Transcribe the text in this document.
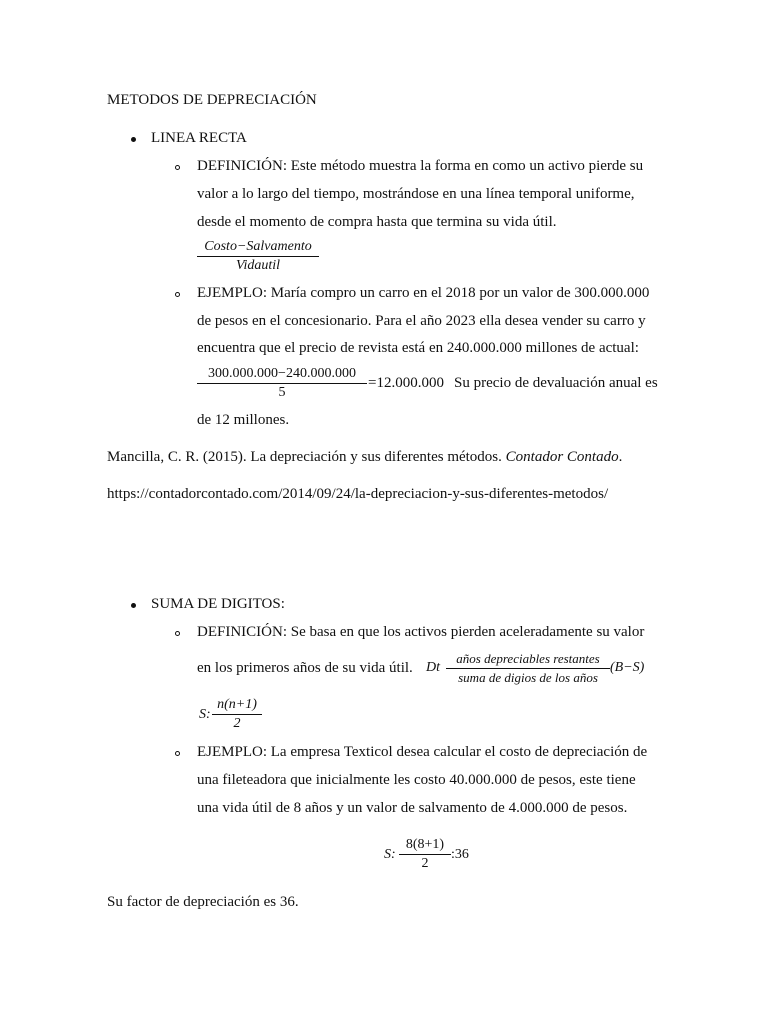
METODOS DE DEPRECIACIÓN
LINEA RECTA
DEFINICIÓN: Este método muestra la forma en como un activo pierde su
valor a lo largo del tiempo, mostrándose en una línea temporal uniforme,
desde el momento de compra hasta que termina su vida útil.
Costo−Salvamento
Vidautil
EJEMPLO: María compro un carro en el 2018 por un valor de 300.000.000
de pesos en el concesionario. Para el año 2023 ella desea vender su carro y
encuentra que el precio de revista está en 240.000.000 millones de actual:
300.000.000−240.000.000
5
=12.000.000 Su precio de devaluación anual es
de 12 millones.
Mancilla, C. R. (2015). La depreciación y sus diferentes métodos. Contador Contado.
https://contadorcontado.com/2014/09/24/la-depreciacion-y-sus-diferentes-metodos/
SUMA DE DIGITOS:
DEFINICIÓN: Se basa en que los activos pierden aceleradamente su valor
en los primeros años de su vida útil. Dt
años depreciables restantes
suma de digios de los años
(B−S)
S:
n(n+1)
2
EJEMPLO: La empresa Texticol desea calcular el costo de depreciación de
una fileteadora que inicialmente les costo 40.000.000 de pesos, este tiene
una vida útil de 8 años y un valor de salvamento de 4.000.000 de pesos.
S:
8(8+1)
2
:36
Su factor de depreciación es 36.
